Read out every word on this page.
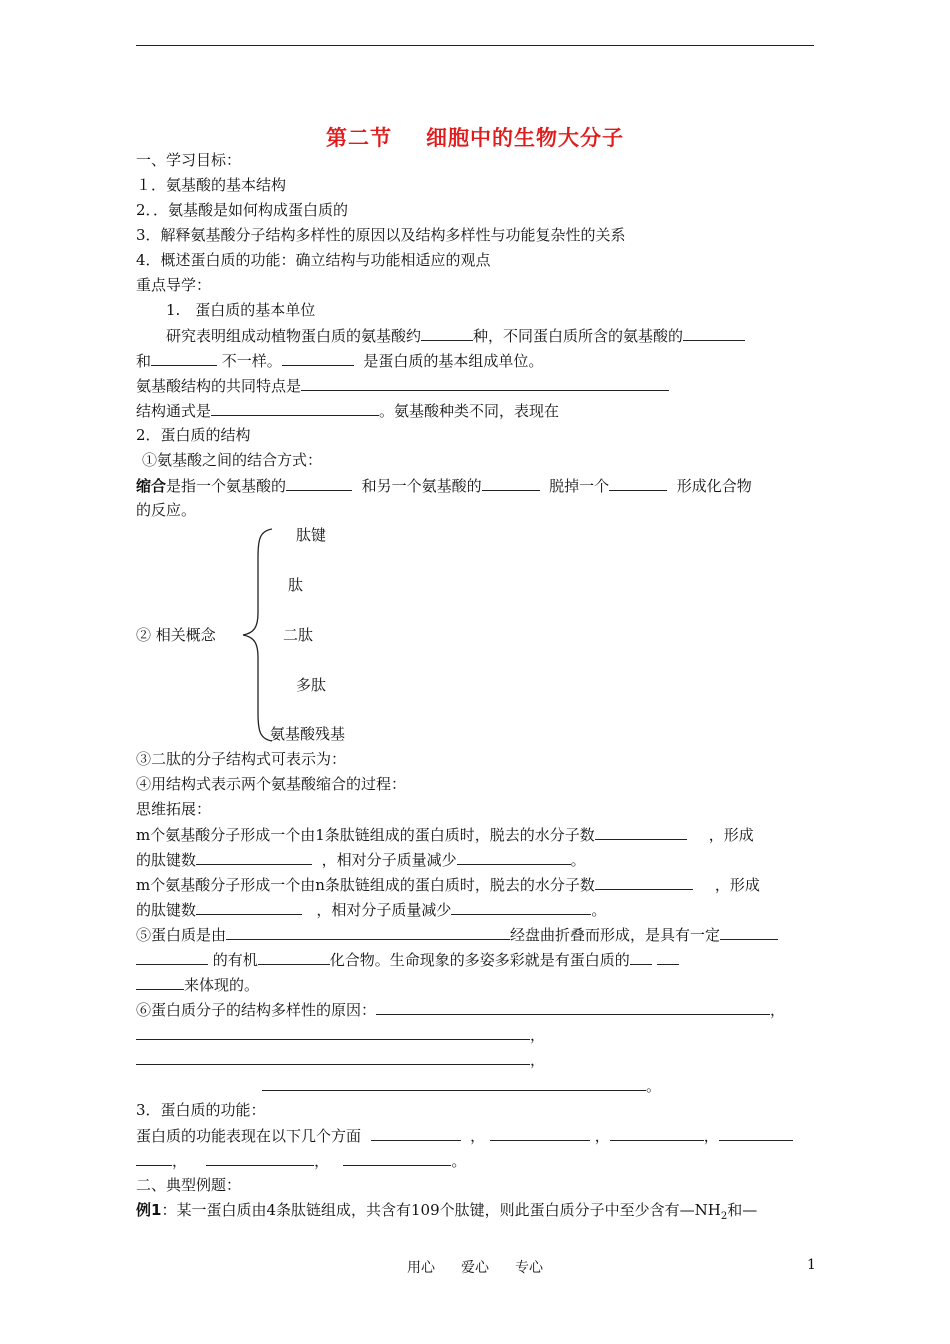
第二节 细胞中的生物大分子
一、学习目标：
１．氨基酸的基本结构
2．．氨基酸是如何构成蛋白质的
3．解释氨基酸分子结构多样性的原因以及结构多样性与功能复杂性的关系
4．概述蛋白质的功能：确立结构与功能相适应的观点
重点导学：
1.　蛋白质的基本单位
研究表明组成动植物蛋白质的氨基酸约	种，不同蛋白质所含的氨基酸的
和	不一样。	是蛋白质的基本组成单位。
氨基酸结构的共同特点是
结构通式是	。氨基酸种类不同，表现在
2．蛋白质的结构
①氨基酸之间的结合方式：
缩合是指一个氨基酸的	和另一个氨基酸的	脱掉一个	形成化合物
的反应。
② 相关概念
肽键
肽
二肽
多肽
氨基酸残基
③二肽的分子结构式可表示为：
④用结构式表示两个氨基酸缩合的过程：
思维拓展：
m个氨基酸分子形成一个由1条肽链组成的蛋白质时，脱去的水分子数	，形成
的肽键数	，相对分子质量减少	。
m个氨基酸分子形成一个由n条肽链组成的蛋白质时，脱去的水分子数	，形成
的肽键数	，相对分子质量减少	。
⑤蛋白质是由	经盘曲折叠而形成，是具有一定
的有机	化合物。生命现象的多姿多彩就是有蛋白质的
来体现的。
⑥蛋白质分子的结构多样性的原因：	，
，
，
。
3．蛋白质的功能：
蛋白质的功能表现在以下几个方面	，	，	，
，	，	。
二、典型例题：
例1：某一蛋白质由4条肽链组成，共含有109个肽键，则此蛋白质分子中至少含有$—NH_2$和—
用心 爱心 专心	1
